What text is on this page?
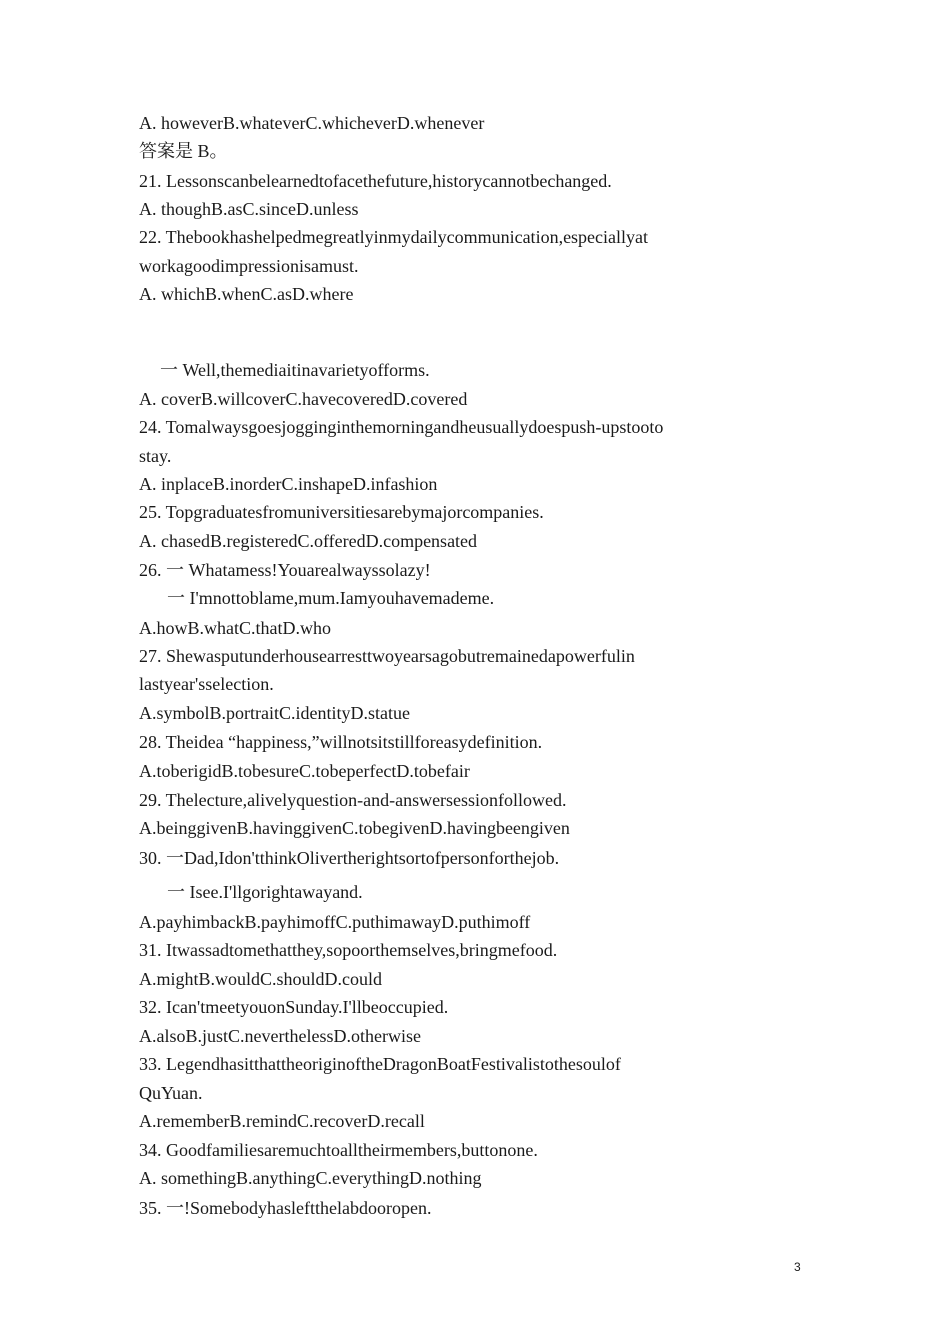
A. howeverB.whateverC.whicheverD.whenever
答案是 B。
21. Lessonscanbelearnedtofacethefuture,historycannotbechanged.
A. thoughB.asC.sinceD.unless
22. Thebookhashelpedmegreatlyinmydailycommunication,especiallyat
workagoodimpressionisamust.
A. whichB.whenC.asD.where
一 Well,themediaitinavarietyofforms.
A. coverB.willcoverC.havecoveredD.covered
24. Tomalwaysgoesjogginginthemorningandheusuallydoespush-upstooto
stay.
A. inplaceB.inorderC.inshapeD.infashion
25. Topgraduatesfromuniversitiesarebymajorcompanies.
A. chasedB.registeredC.offeredD.compensated
26. 一 Whatamess!Youarealwayssolazy!
一 I'mnottoblame,mum.Iamyouhavemademe.
A.howB.whatC.thatD.who
27. Shewasputunderhousearresttwoyearsagobutremainedapowerfulin
lastyear'sselection.
A.symbolB.portraitC.identityD.statue
28. Theidea “happiness,”willnotsitstillforeasydefinition.
A.toberigidB.tobesureC.tobeperfectD.tobefair
29. Thelecture,alivelyquestion-and-answersessionfollowed.
A.beinggivenB.havinggivenC.tobegivenD.havingbeengiven
30. 一Dad,Idon'tthinkOlivertherightsortofpersonforthejob.
一 Isee.I'llgorightawayand.
A.payhimbackB.payhimoffC.puthimawayD.puthimoff
31. Itwassadtomethatthey,sopoorthemselves,bringmefood.
A.mightB.wouldC.shouldD.could
32. Ican'tmeetyouonSunday.I'llbeoccupied.
A.alsoB.justC.neverthelessD.otherwise
33. LegendhasitthattheoriginoftheDragonBoatFestivalistothesoulof
QuYuan.
A.rememberB.remindC.recoverD.recall
34. Goodfamiliesaremuchtoalltheirmembers,buttonone.
A. somethingB.anythingC.everythingD.nothing
35. 一!Somebodyhasleftthelabdooropen.
3
